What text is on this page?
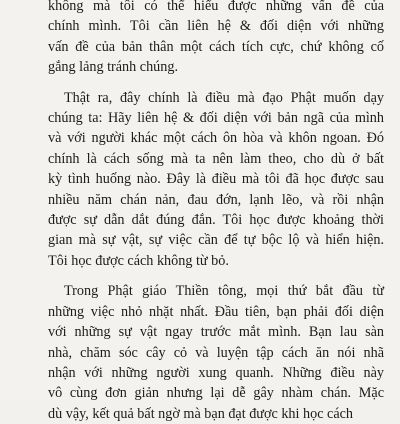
không mà tôi có thể hiểu được những vấn đề của
chính mình. Tôi cần liên hệ & đối diện với những
vấn đề của bản thân một cách tích cực, chứ không cố
gắng lảng tránh chúng.

Thật ra, đây chính là điều mà đạo Phật muốn dạy
chúng ta: Hãy liên hệ & đối diện với bản ngã của mình
và với người khác một cách ôn hòa và khôn ngoan. Đó
chính là cách sống mà ta nên làm theo, cho dù ở bất
kỳ tình huống nào. Đây là điều mà tôi đã học được sau
nhiều năm chán nản, đau đớn, lạnh lẽo, và rồi nhận
được sự dẫn dắt đúng đắn. Tôi học được khoảng thời
gian mà sự vật, sự việc cần để tự bộc lộ và hiển hiện.
Tôi học được cách không từ bỏ.

Trong Phật giáo Thiền tông, mọi thứ bắt đầu từ
những việc nhỏ nhặt nhất. Đầu tiên, bạn phải đối diện
với những sự vật ngay trước mắt mình. Bạn lau sàn
nhà, chăm sóc cây cỏ và luyện tập cách ăn nói nhã
nhận với những người xung quanh. Những điều này
vô cùng đơn giản nhưng lại dễ gây nhàm chán. Mặc
dù vậy, kết quả bất ngờ mà bạn đạt được khi học cách
